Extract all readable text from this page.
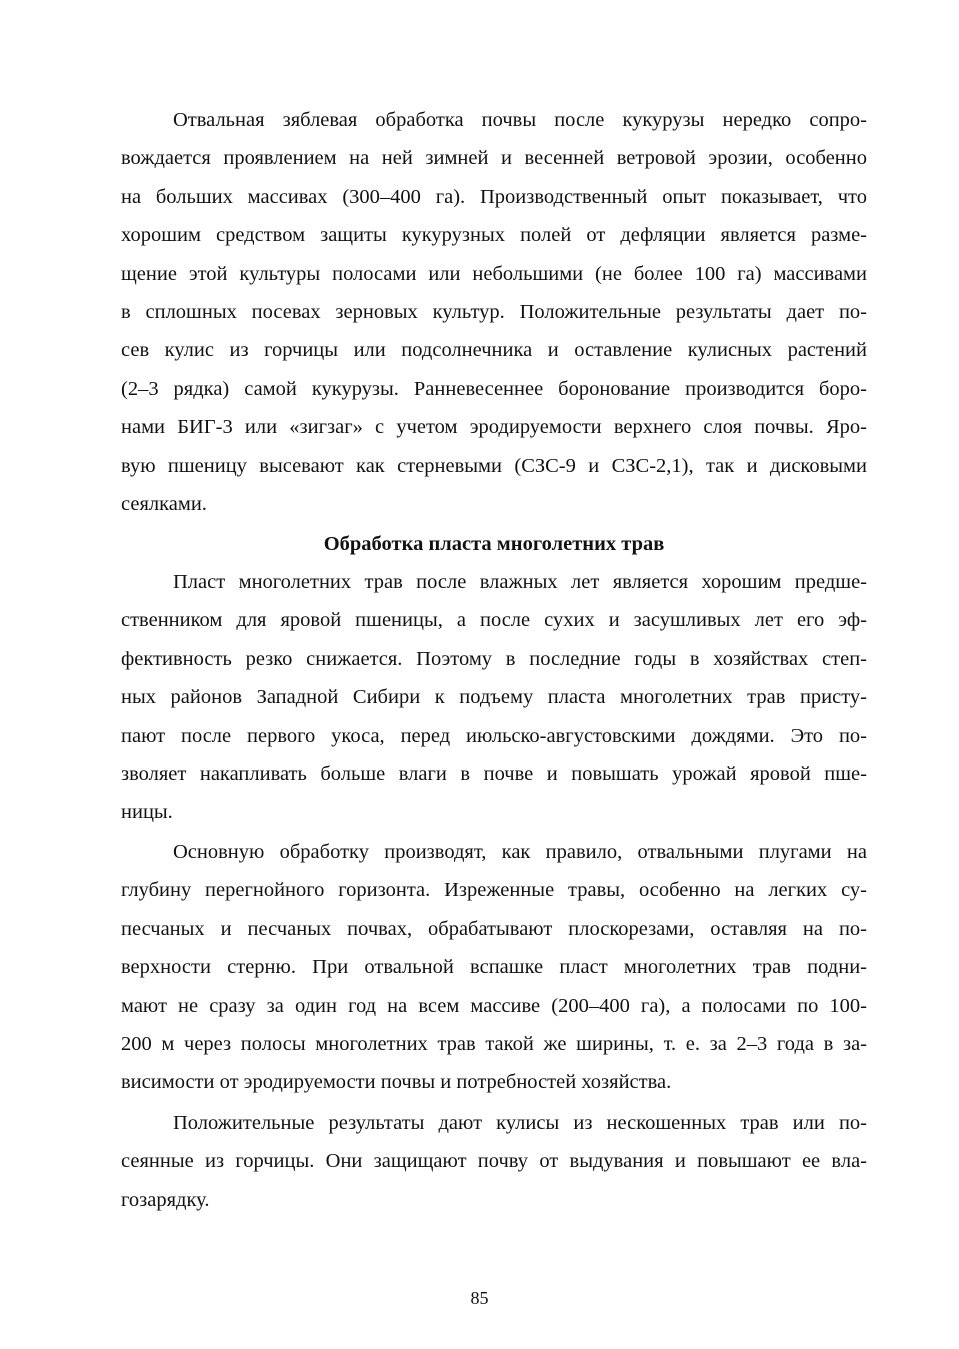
Отвальная зяблевая обработка почвы после кукурузы нередко сопро-
вождается проявлением на ней зимней и весенней ветровой эрозии, особенно
на больших массивах (300–400 га). Производственный опыт показывает, что
хорошим средством защиты кукурузных полей от дефляции является разме-
щение этой культуры полосами или небольшими (не более 100 га) массивами
в сплошных посевах зерновых культур. Положительные результаты дает по-
сев кулис из горчицы или подсолнечника и оставление кулисных растений
(2–3 рядка) самой кукурузы. Ранневесеннее боронование производится боро-
нами БИГ-3 или «зигзаг» с учетом эродируемости верхнего слоя почвы. Яро-
вую пшеницу высевают как стерневыми (СЗС-9 и СЗС-2,1), так и дисковыми
сеялками.
Обработка пласта многолетних трав
Пласт многолетних трав после влажных лет является хорошим предше-
ственником для яровой пшеницы, а после сухих и засушливых лет его эф-
фективность резко снижается. Поэтому в последние годы в хозяйствах степ-
ных районов Западной Сибири к подъему пласта многолетних трав присту-
пают после первого укоса, перед июльско-августовскими дождями. Это по-
зволяет накапливать больше влаги в почве и повышать урожай яровой пше-
ницы.
Основную обработку производят, как правило, отвальными плугами на
глубину перегнойного горизонта. Изреженные травы, особенно на легких су-
песчаных и песчаных почвах, обрабатывают плоскорезами, оставляя на по-
верхности стерню. При отвальной вспашке пласт многолетних трав подни-
мают не сразу за один год на всем массиве (200–400 га), а полосами по 100-
200 м через полосы многолетних трав такой же ширины, т. е. за 2–3 года в за-
висимости от эродируемости почвы и потребностей хозяйства.
Положительные результаты дают кулисы из нескошенных трав или по-
сеянные из горчицы. Они защищают почву от выдувания и повышают ее вла-
гозарядку.
85
